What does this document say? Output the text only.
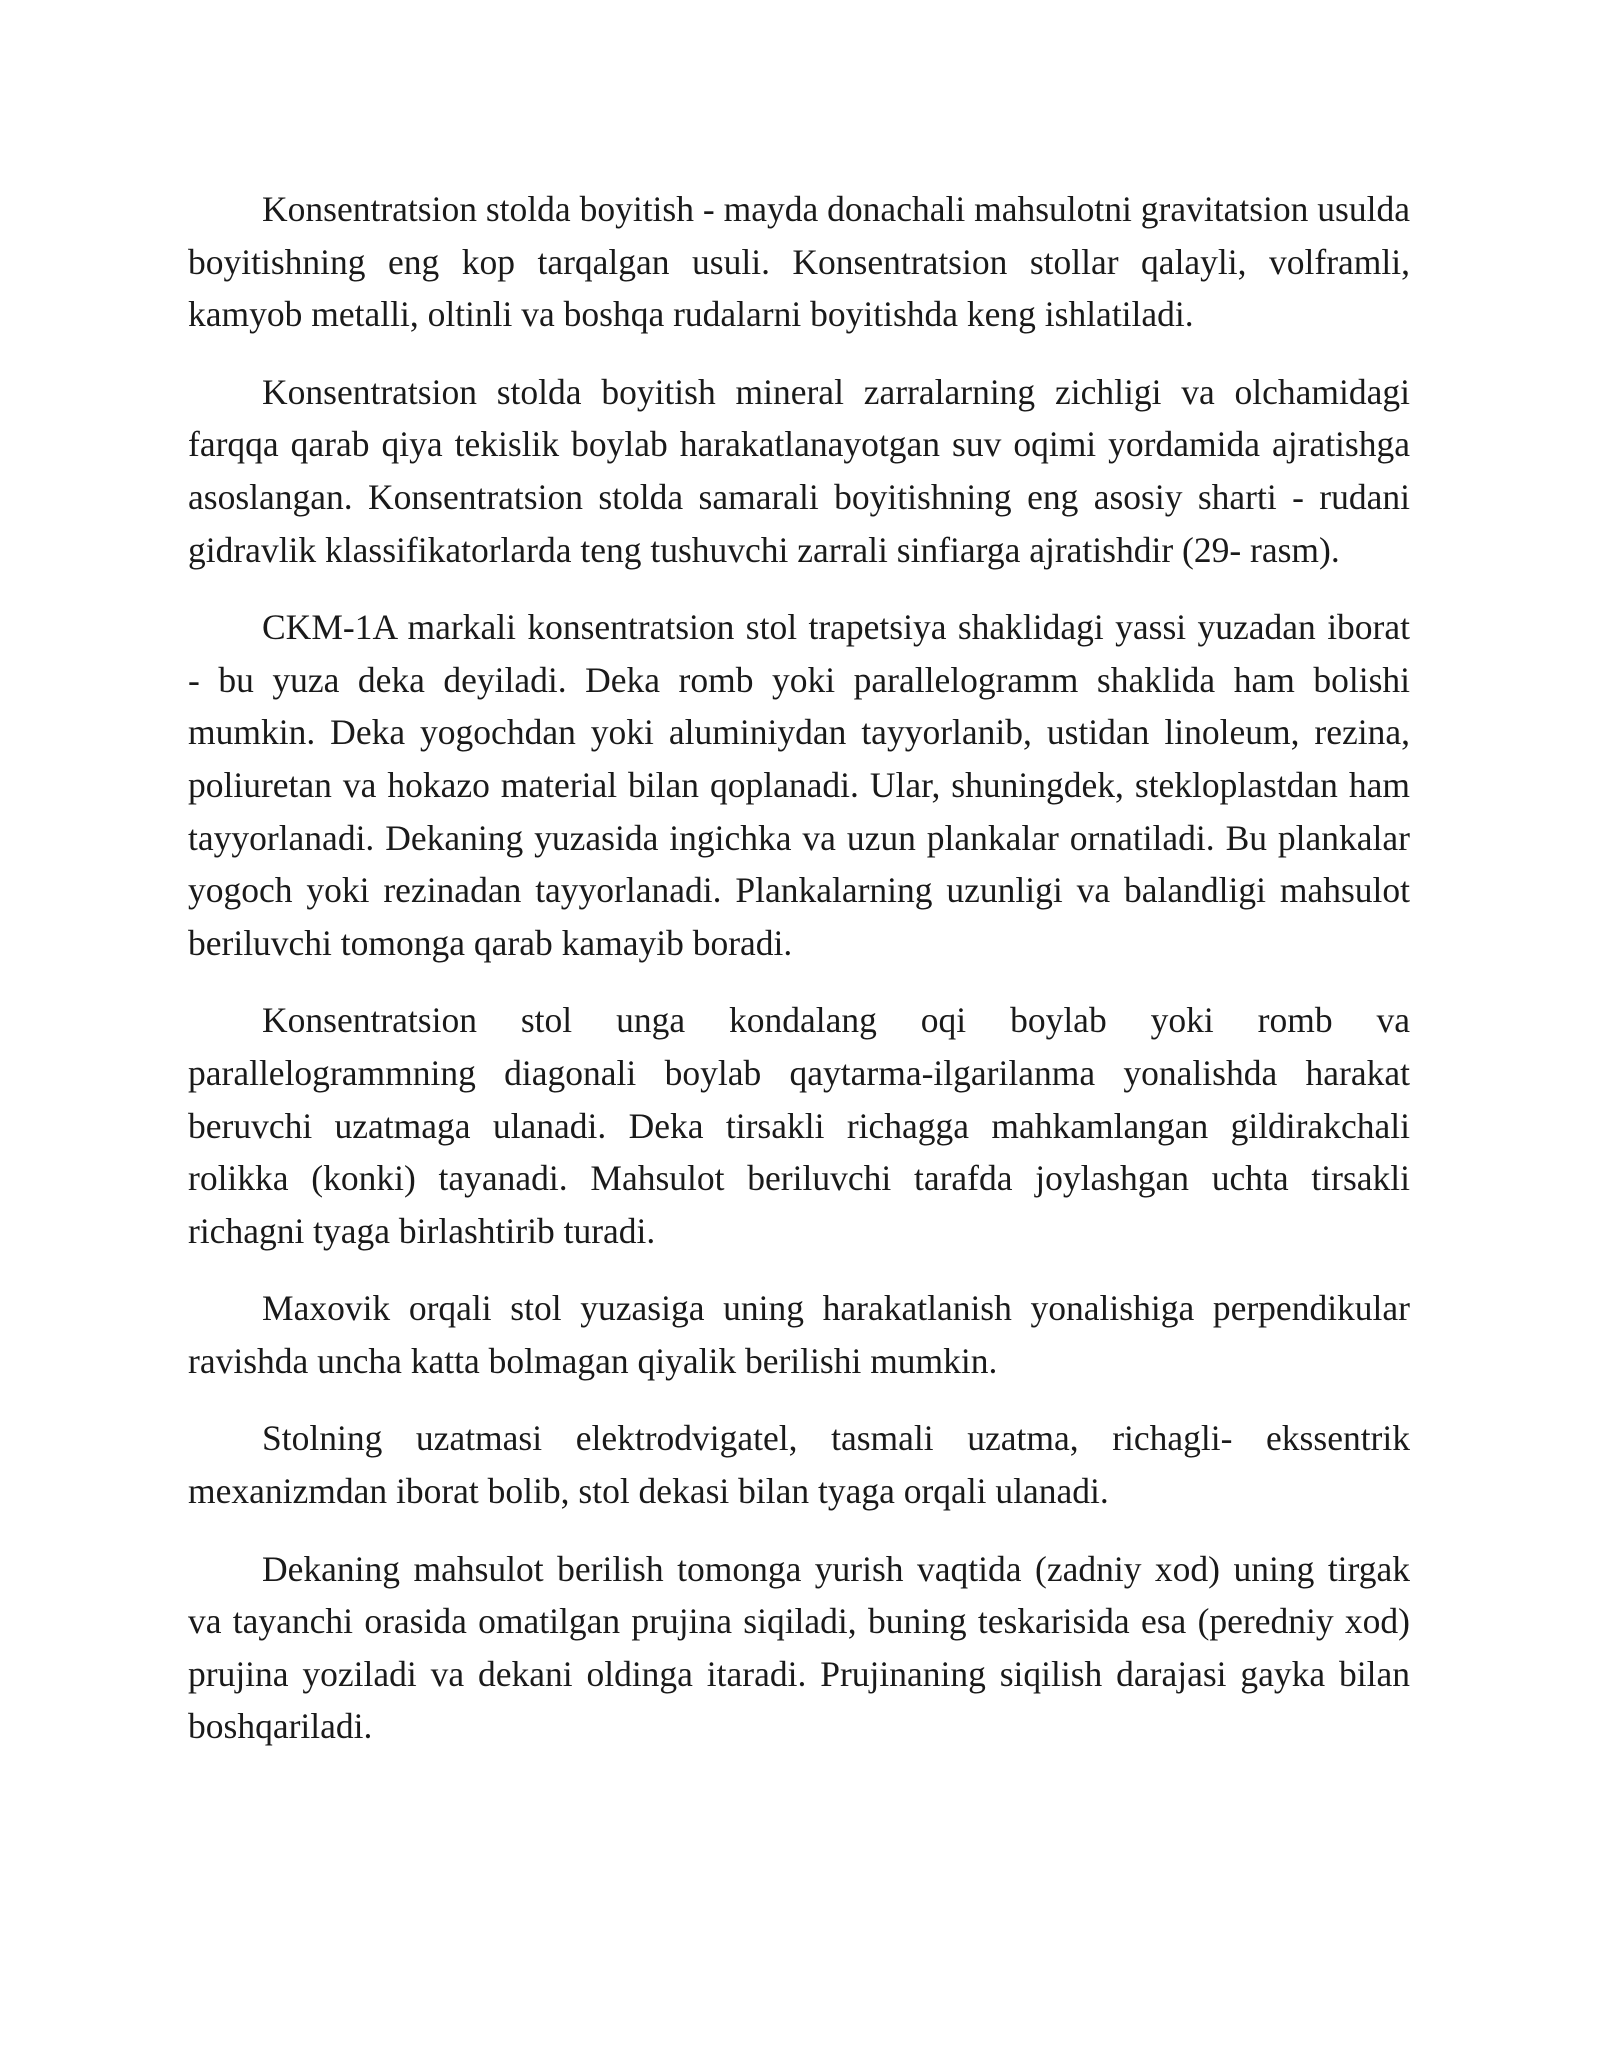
Konsentratsion stolda boyitish - mayda donachali mahsulotni gravitatsion usulda boyitishning eng kop tarqalgan usuli. Konsentratsion stollar qalayli, volframli, kamyob metalli, oltinli va boshqa rudalarni boyitishda keng ishlatiladi.

Konsentratsion stolda boyitish mineral zarralarning zichligi va olchamidagi farqqa qarab qiya tekislik boylab harakatlanayotgan suv oqimi yordamida ajratishga asoslangan. Konsentratsion stolda samarali boyitishning eng asosiy sharti - rudani gidravlik klassifikatorlarda teng tushuvchi zarrali sinfiarga ajratishdir (29- rasm).

CKM-1A markali konsentratsion stol trapetsiya shaklidagi yassi yuzadan iborat - bu yuza deka deyiladi. Deka romb yoki parallelogramm shaklida ham bolishi mumkin. Deka yogochdan yoki aluminiydan tayyorlanib, ustidan linoleum, rezina, poliuretan va hokazo material bilan qoplanadi. Ular, shuningdek, stekloplastdan ham tayyorlanadi. Dekaning yuzasida ingichka va uzun plankalar ornatiladi. Bu plankalar yogoch yoki rezinadan tayyorlanadi. Plankalarning uzunligi va balandligi mahsulot beriluvchi tomonga qarab kamayib boradi.

Konsentratsion stol unga kondalang oqi boylab yoki romb va parallelogrammning diagonali boylab qaytarma-ilgarilanma yonalishda harakat beruvchi uzatmaga ulanadi. Deka tirsakli richagga mahkamlangan gildirakchali rolikka (konki) tayanadi. Mahsulot beriluvchi tarafda joylashgan uchta tirsakli richagni tyaga birlashtirib turadi.

Maxovik orqali stol yuzasiga uning harakatlanish yonalishiga perpendikular ravishda uncha katta bolmagan qiyalik berilishi mumkin.

Stolning uzatmasi elektrodvigatel, tasmali uzatma, richagli- ekssentrik mexanizmdan iborat bolib, stol dekasi bilan tyaga orqali ulanadi.

Dekaning mahsulot berilish tomonga yurish vaqtida (zadniy xod) uning tirgak va tayanchi orasida omatilgan prujina siqiladi, buning teskarisida esa (peredniy xod) prujina yoziladi va dekani oldinga itaradi. Prujinaning siqilish darajasi gayka bilan boshqariladi.
